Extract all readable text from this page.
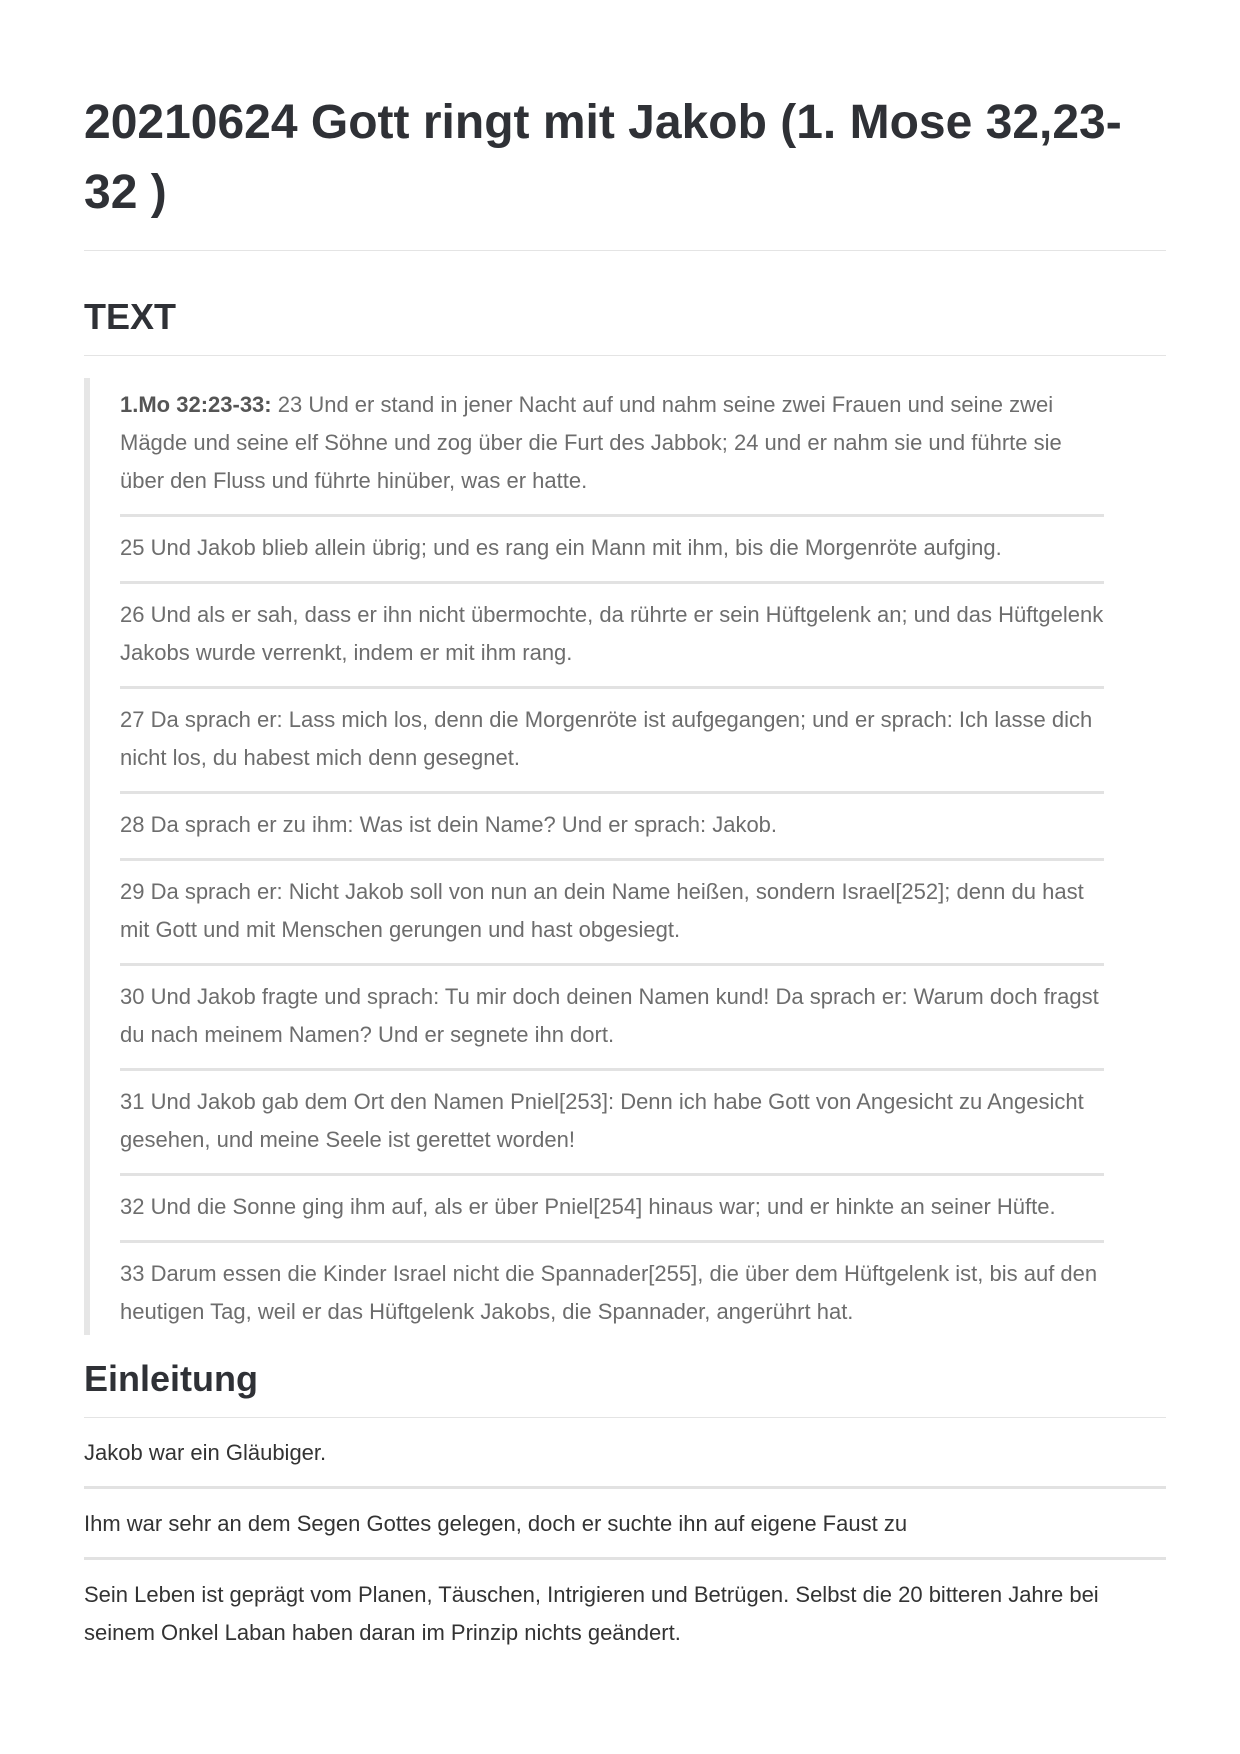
20210624 Gott ringt mit Jakob (1. Mose 32,23-32 )
TEXT

1.Mo 32:23-33: 23 Und er stand in jener Nacht auf und nahm seine zwei Frauen und seine zwei Mägde und seine elf Söhne und zog über die Furt des Jabbok; 24 und er nahm sie und führte sie über den Fluss und führte hinüber, was er hatte.

25 Und Jakob blieb allein übrig; und es rang ein Mann mit ihm, bis die Morgenröte aufging.

26 Und als er sah, dass er ihn nicht übermochte, da rührte er sein Hüftgelenk an; und das Hüftgelenk Jakobs wurde verrenkt, indem er mit ihm rang.

27 Da sprach er: Lass mich los, denn die Morgenröte ist aufgegangen; und er sprach: Ich lasse dich nicht los, du habest mich denn gesegnet.

28 Da sprach er zu ihm: Was ist dein Name? Und er sprach: Jakob.

29 Da sprach er: Nicht Jakob soll von nun an dein Name heißen, sondern Israel[252]; denn du hast mit Gott und mit Menschen gerungen und hast obgesiegt.

30 Und Jakob fragte und sprach: Tu mir doch deinen Namen kund! Da sprach er: Warum doch fragst du nach meinem Namen? Und er segnete ihn dort.

31 Und Jakob gab dem Ort den Namen Pniel[253]: Denn ich habe Gott von Angesicht zu Angesicht gesehen, und meine Seele ist gerettet worden!

32 Und die Sonne ging ihm auf, als er über Pniel[254] hinaus war; und er hinkte an seiner Hüfte.

33 Darum essen die Kinder Israel nicht die Spannader[255], die über dem Hüftgelenk ist, bis auf den heutigen Tag, weil er das Hüftgelenk Jakobs, die Spannader, angerührt hat.

Einleitung

Jakob war ein Gläubiger.

Ihm war sehr an dem Segen Gottes gelegen, doch er suchte ihn auf eigene Faust zu

Sein Leben ist geprägt vom Planen, Täuschen, Intrigieren und Betrügen. Selbst die 20 bitteren Jahre bei seinem Onkel Laban haben daran im Prinzip nichts geändert.
